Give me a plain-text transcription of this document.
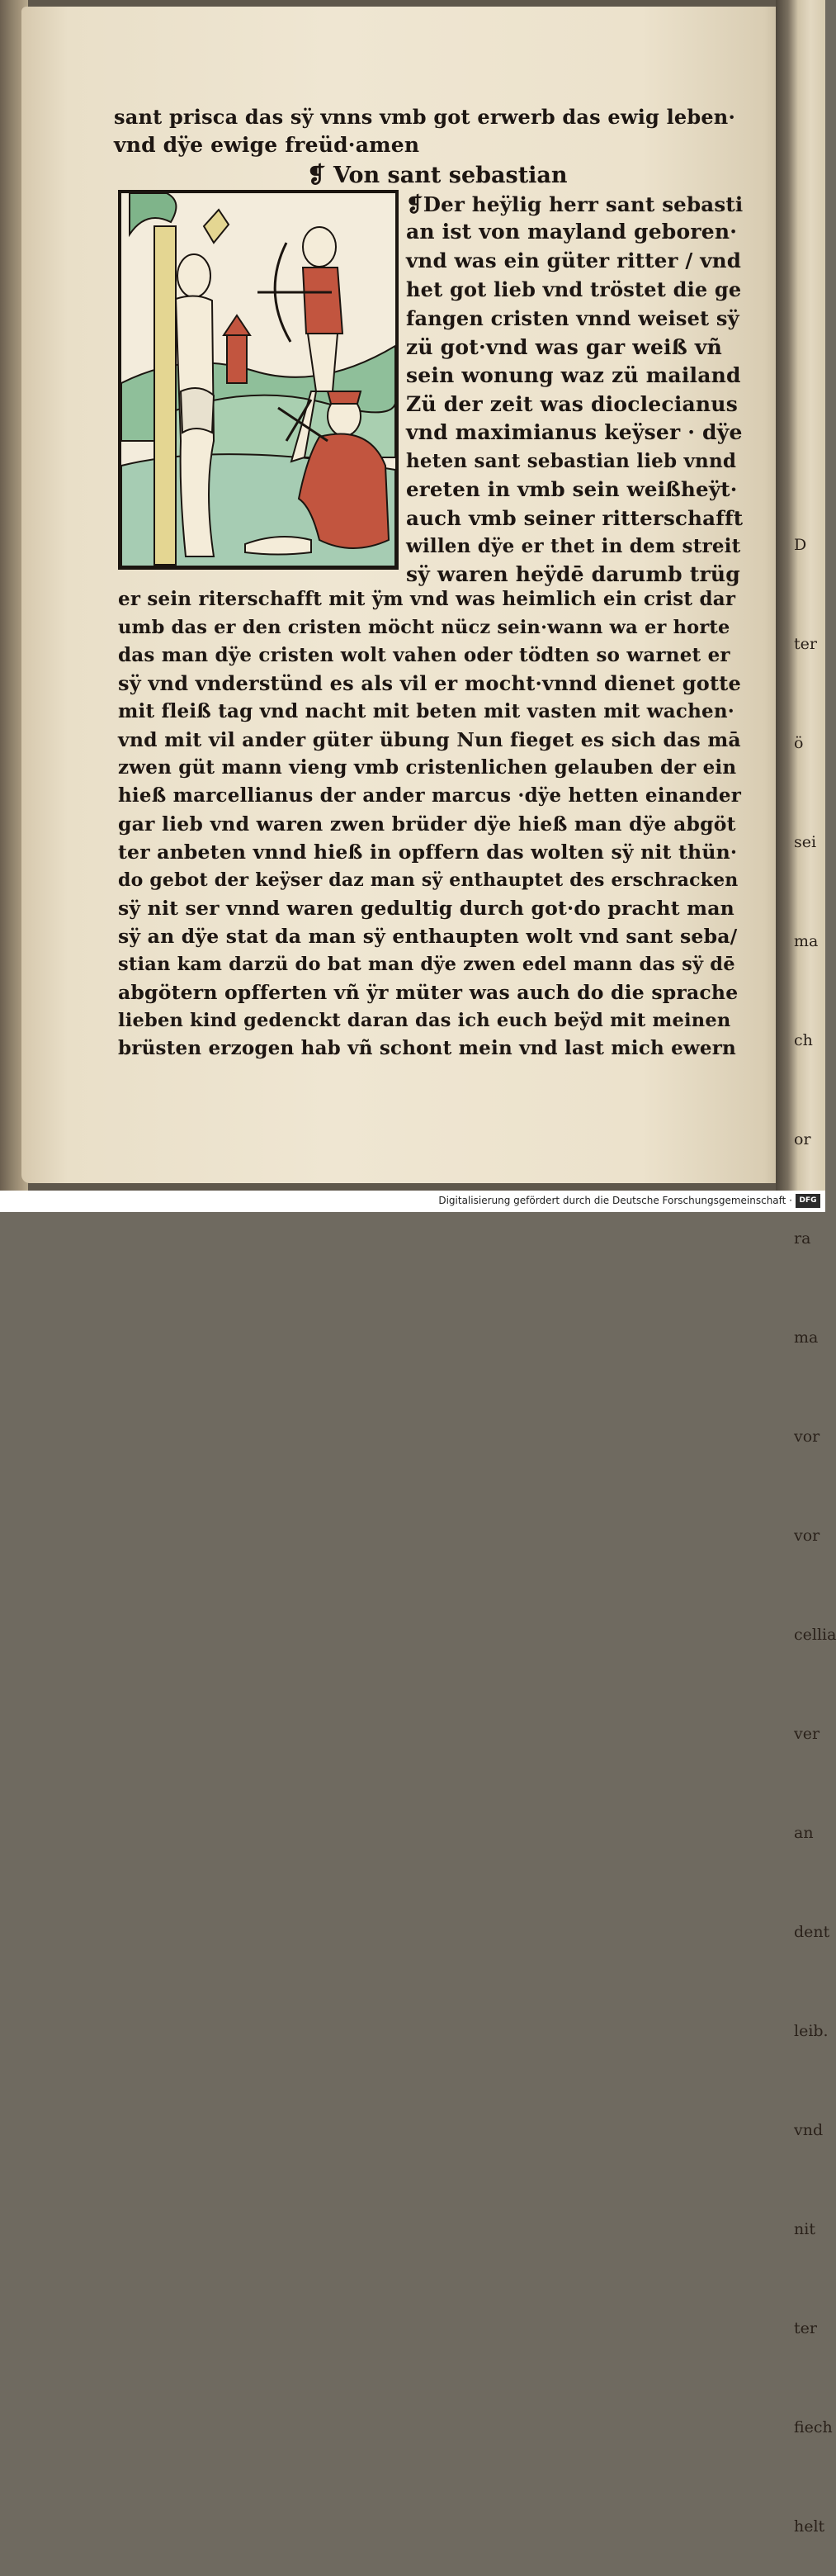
D

ter

ö

sei

ma

ch

or

ra

ma

vor

vor

cellia

ver

an

dent

leib.

vnd

nit

ter

fiech

helt

sant prisca das sÿ vnns vmb got erwerb das ewig leben·
vnd dÿe ewige freüd·amen
❡ Von sant sebastian
❡Der heÿlig herr sant sebasti
an ist von mayland geboren·
vnd was ein güter ritter / vnd
het got lieb vnd tröstet die ge
fangen cristen vnnd weiset sÿ
zü got·vnd was gar weiß vñ
sein wonung waz zü mailand
Zü der zeit was dioclecianus
vnd maximianus keÿser · dÿe
heten sant sebastian lieb vnnd
ereten in vmb sein weißheÿt·
auch vmb seiner ritterschafft
willen dÿe er thet in dem streit
sÿ waren heÿdē darumb trüg
er sein riterschafft mit ÿm vnd was heimlich ein crist dar
umb das er den cristen möcht nücz sein·wann wa er horte
das man dÿe cristen wolt vahen oder tödten so warnet er
sÿ vnd vnderstünd es als vil er mocht·vnnd dienet gotte
mit fleiß tag vnd nacht mit beten mit vasten mit wachen·
vnd mit vil ander güter übung Nun fieget es sich das mā
zwen güt mann vieng vmb cristenlichen gelauben der ein
hieß marcellianus der ander marcus ·dÿe hetten einander
gar lieb vnd waren zwen brüder dÿe hieß man dÿe abgöt
ter anbeten vnnd hieß in opffern das wolten sÿ nit thün·
do gebot der keÿser daz man sÿ enthauptet des erschracken
sÿ nit ser vnnd waren gedultig durch got·do pracht man
sÿ an dÿe stat da man sÿ enthaupten wolt vnd sant seba/
stian kam darzü do bat man dÿe zwen edel mann das sÿ dē
abgötern opfferten vñ ÿr müter was auch do die sprache
lieben kind gedenckt daran das ich euch beÿd mit meinen
brüsten erzogen hab vñ schont mein vnd last mich ewern
Digitalisierung gefördert durch die Deutsche Forschungsgemeinschaft · DFG
